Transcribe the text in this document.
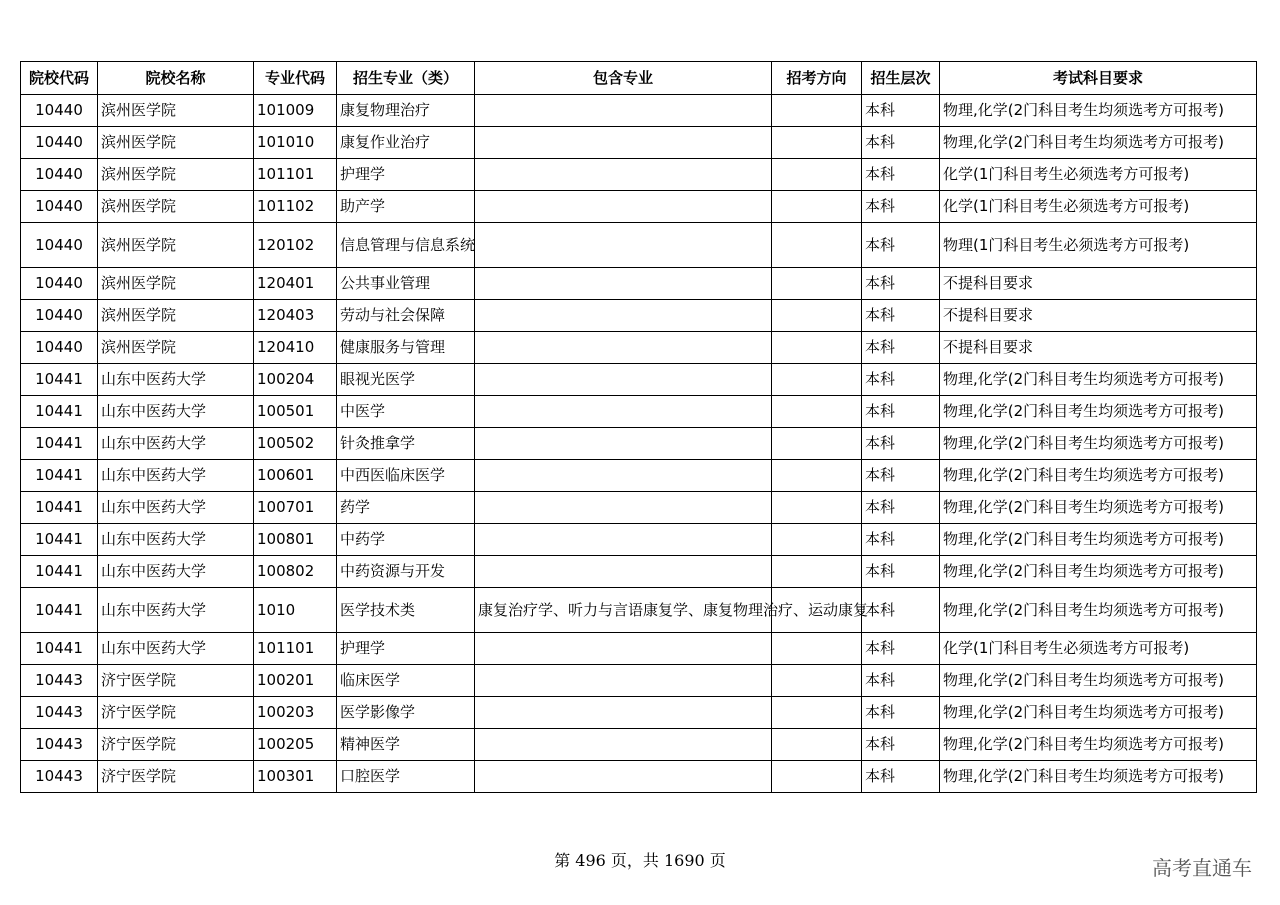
院校代码	院校名称	专业代码	招生专业（类）	包含专业	招考方向	招生层次	考试科目要求
10440	滨州医学院	101009	康复物理治疗			本科	物理,化学(2门科目考生均须选考方可报考)
10440	滨州医学院	101010	康复作业治疗			本科	物理,化学(2门科目考生均须选考方可报考)
10440	滨州医学院	101101	护理学			本科	化学(1门科目考生必须选考方可报考)
10440	滨州医学院	101102	助产学			本科	化学(1门科目考生必须选考方可报考)
10440	滨州医学院	120102	信息管理与信息系统			本科	物理(1门科目考生必须选考方可报考)
10440	滨州医学院	120401	公共事业管理			本科	不提科目要求
10440	滨州医学院	120403	劳动与社会保障			本科	不提科目要求
10440	滨州医学院	120410	健康服务与管理			本科	不提科目要求
10441	山东中医药大学	100204	眼视光医学			本科	物理,化学(2门科目考生均须选考方可报考)
10441	山东中医药大学	100501	中医学			本科	物理,化学(2门科目考生均须选考方可报考)
10441	山东中医药大学	100502	针灸推拿学			本科	物理,化学(2门科目考生均须选考方可报考)
10441	山东中医药大学	100601	中西医临床医学			本科	物理,化学(2门科目考生均须选考方可报考)
10441	山东中医药大学	100701	药学			本科	物理,化学(2门科目考生均须选考方可报考)
10441	山东中医药大学	100801	中药学			本科	物理,化学(2门科目考生均须选考方可报考)
10441	山东中医药大学	100802	中药资源与开发			本科	物理,化学(2门科目考生均须选考方可报考)
10441	山东中医药大学	1010	医学技术类	康复治疗学、听力与言语康复学、康复物理治疗、运动康复		本科	物理,化学(2门科目考生均须选考方可报考)
10441	山东中医药大学	101101	护理学			本科	化学(1门科目考生必须选考方可报考)
10443	济宁医学院	100201	临床医学			本科	物理,化学(2门科目考生均须选考方可报考)
10443	济宁医学院	100203	医学影像学			本科	物理,化学(2门科目考生均须选考方可报考)
10443	济宁医学院	100205	精神医学			本科	物理,化学(2门科目考生均须选考方可报考)
10443	济宁医学院	100301	口腔医学			本科	物理,化学(2门科目考生均须选考方可报考)
第 496 页，共 1690 页	高考直通车
